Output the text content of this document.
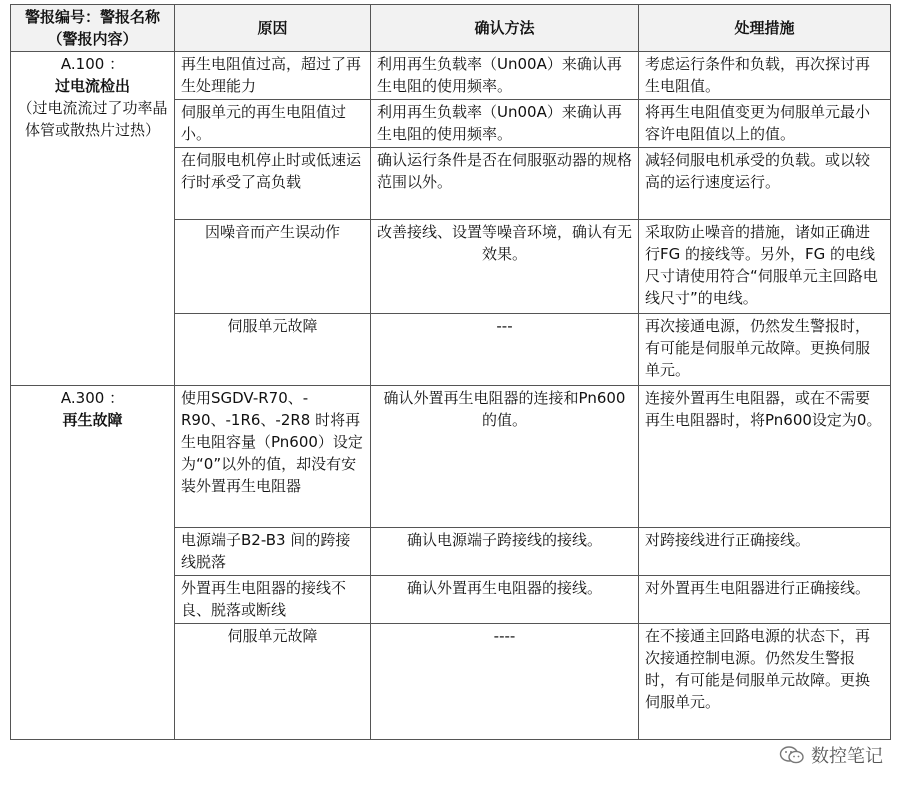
警报编号：警报名称（警报内容）	原因	确认方法	处理措施

A.100 ：
过电流检出
（过电流流过了功率晶体管或散热片过热）	再生电阻值过高，超过了再生处理能力	利用再生负载率（Un00A）来确认再生电阻的使用频率。	考虑运行条件和负载，再次探讨再生电阻值。
	伺服单元的再生电阻值过小。	利用再生负载率（Un00A）来确认再生电阻的使用频率。	将再生电阻值变更为伺服单元最小容许电阻值以上的值。
	在伺服电机停止时或低速运行时承受了高负载	确认运行条件是否在伺服驱动器的规格范围以外。	减轻伺服电机承受的负载。或以较高的运行速度运行。
	因噪音而产生误动作	改善接线、设置等噪音环境，确认有无效果。	采取防止噪音的措施，诸如正确进行FG 的接线等。另外，FG 的电线尺寸请使用符合“伺服单元主回路电线尺寸”的电线。
	伺服单元故障	---	再次接通电源，仍然发生警报时，有可能是伺服单元故障。更换伺服单元。

A.300 ：
再生故障	使用SGDV-R70、-R90、-1R6、-2R8 时将再生电阻容量（Pn600）设定为“0”以外的值，却没有安装外置再生电阻器	确认外置再生电阻器的连接和Pn600 的值。	连接外置再生电阻器，或在不需要再生电阻器时，将Pn600设定为0。
	电源端子B2-B3 间的跨接线脱落	确认电源端子跨接线的接线。	对跨接线进行正确接线。
	外置再生电阻器的接线不良、脱落或断线	确认外置再生电阻器的接线。	对外置再生电阻器进行正确接线。
	伺服单元故障	----	在不接通主回路电源的状态下，再次接通控制电源。仍然发生警报时，有可能是伺服单元故障。更换伺服单元。
数控笔记
